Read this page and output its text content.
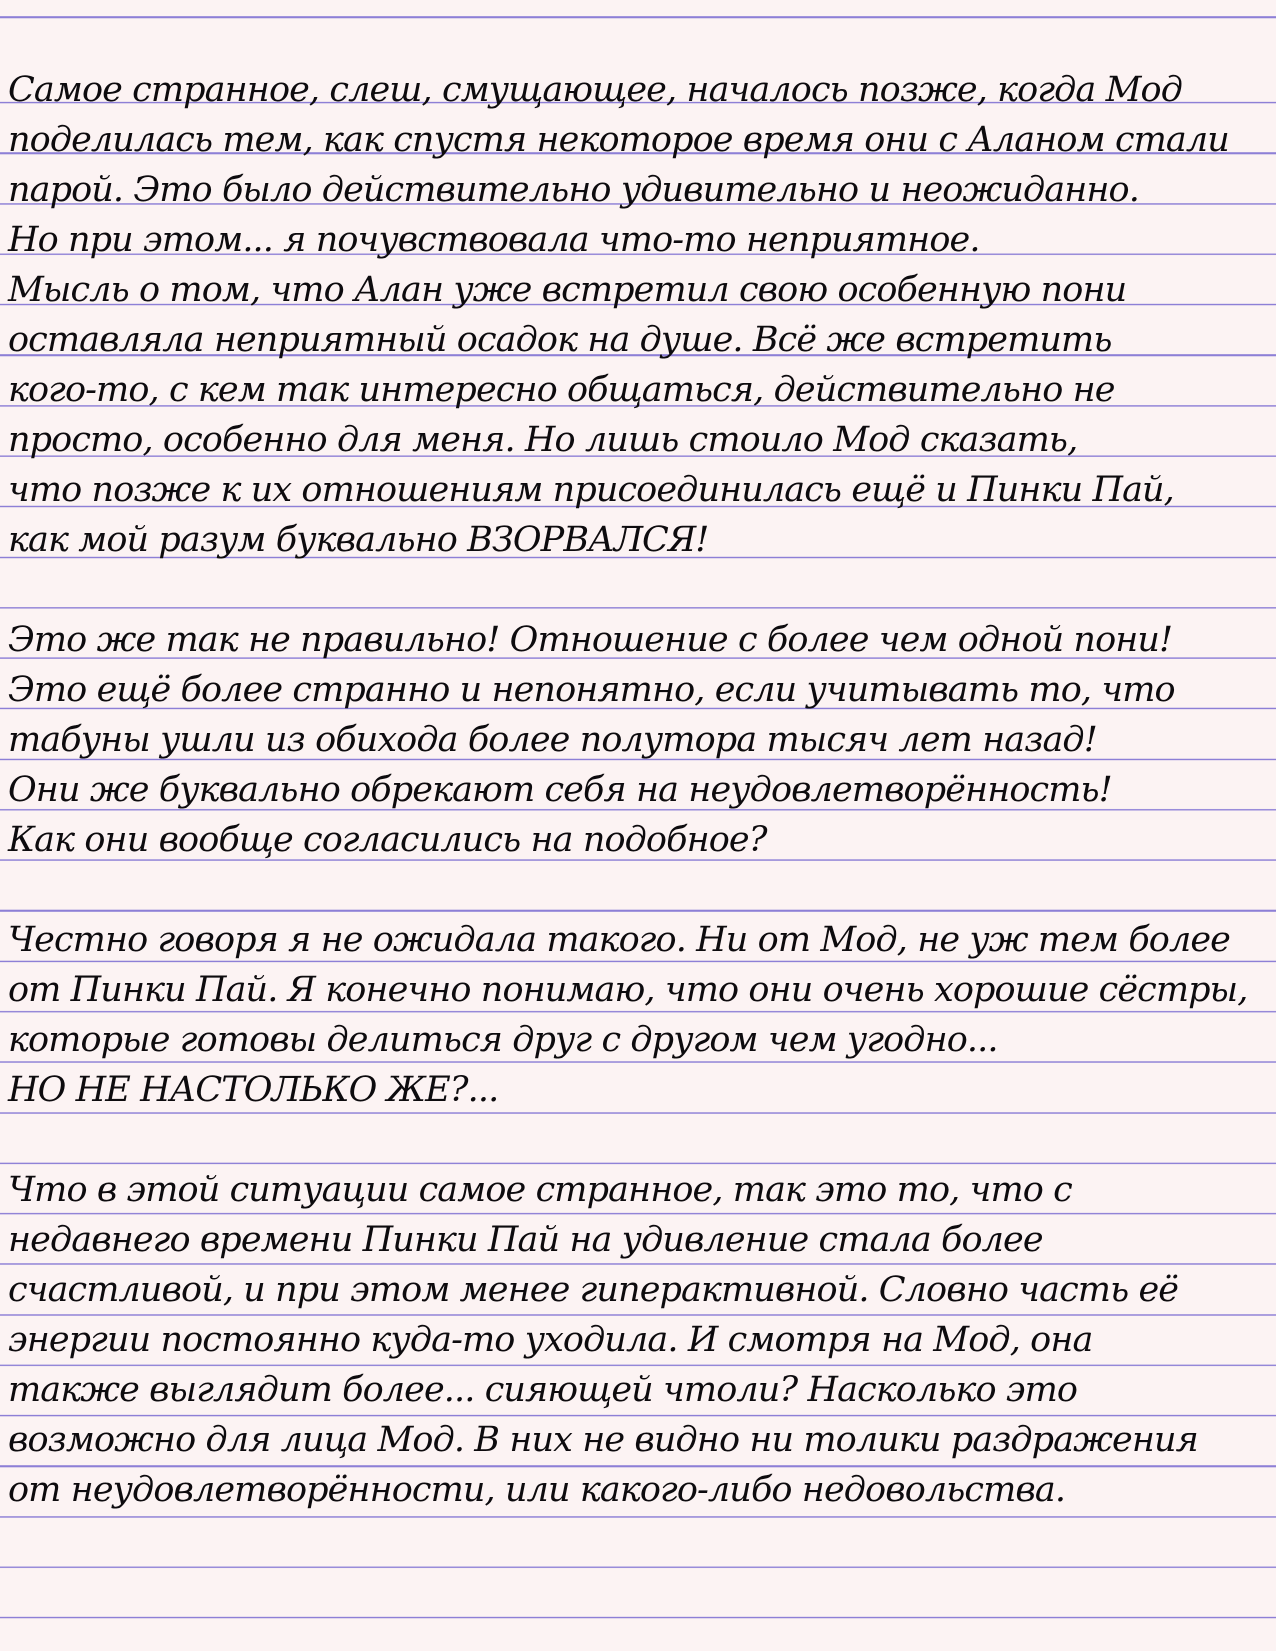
Самое странное, слеш, смущающее, началось позже, когда Мод
поделилась тем, как спустя некоторое время они с Аланом стали
парой. Это было действительно удивительно и неожиданно.
Но при этом... я почувствовала что-то неприятное.
Мысль о том, что Алан уже встретил свою особенную пони
оставляла неприятный осадок на душе. Всё же встретить
кого-то, с кем так интересно общаться, действительно не
просто, особенно для меня. Но лишь стоило Мод сказать,
что позже к их отношениям присоединилась ещё и Пинки Пай,
как мой разум буквально ВЗОРВАЛСЯ!
Это же так не правильно! Отношение с более чем одной пони!
Это ещё более странно и непонятно, если учитывать то, что
табуны ушли из обихода более полутора тысяч лет назад!
Они же буквально обрекают себя на неудовлетворённость!
Как они вообще согласились на подобное?
Честно говоря я не ожидала такого. Ни от Мод, не уж тем более
от Пинки Пай. Я конечно понимаю, что они очень хорошие сёстры,
которые готовы делиться друг с другом чем угодно...
НО НЕ НАСТОЛЬКО ЖЕ?...
Что в этой ситуации самое странное, так это то, что с
недавнего времени Пинки Пай на удивление стала более
счастливой, и при этом менее гиперактивной. Словно часть её
энергии постоянно куда-то уходила. И смотря на Мод, она
также выглядит более... сияющей чтоли? Насколько это
возможно для лица Мод. В них не видно ни толики раздражения
от неудовлетворённости, или какого-либо недовольства.
